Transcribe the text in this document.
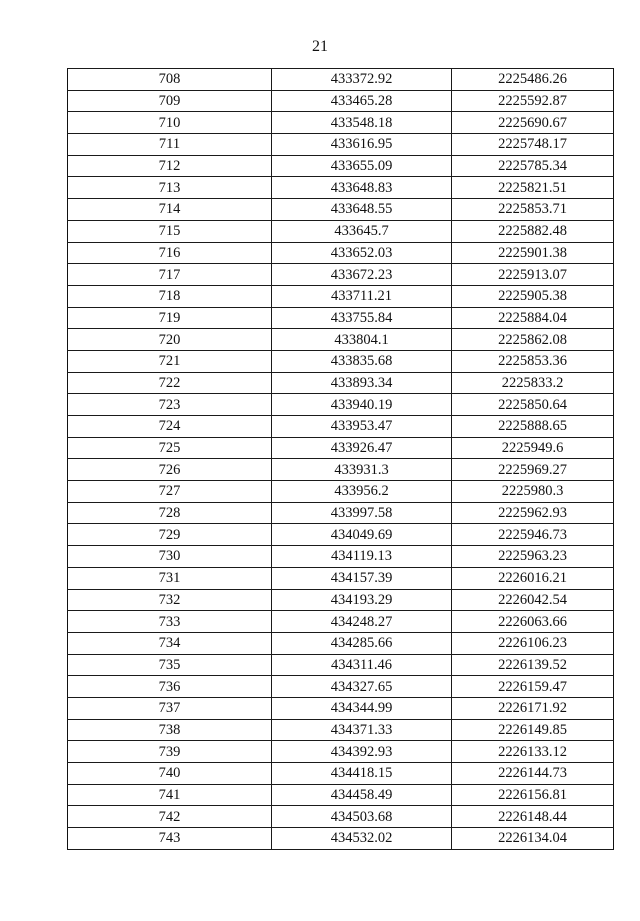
21
708	433372.92	2225486.26
709	433465.28	2225592.87
710	433548.18	2225690.67
711	433616.95	2225748.17
712	433655.09	2225785.34
713	433648.83	2225821.51
714	433648.55	2225853.71
715	433645.7	2225882.48
716	433652.03	2225901.38
717	433672.23	2225913.07
718	433711.21	2225905.38
719	433755.84	2225884.04
720	433804.1	2225862.08
721	433835.68	2225853.36
722	433893.34	2225833.2
723	433940.19	2225850.64
724	433953.47	2225888.65
725	433926.47	2225949.6
726	433931.3	2225969.27
727	433956.2	2225980.3
728	433997.58	2225962.93
729	434049.69	2225946.73
730	434119.13	2225963.23
731	434157.39	2226016.21
732	434193.29	2226042.54
733	434248.27	2226063.66
734	434285.66	2226106.23
735	434311.46	2226139.52
736	434327.65	2226159.47
737	434344.99	2226171.92
738	434371.33	2226149.85
739	434392.93	2226133.12
740	434418.15	2226144.73
741	434458.49	2226156.81
742	434503.68	2226148.44
743	434532.02	2226134.04
